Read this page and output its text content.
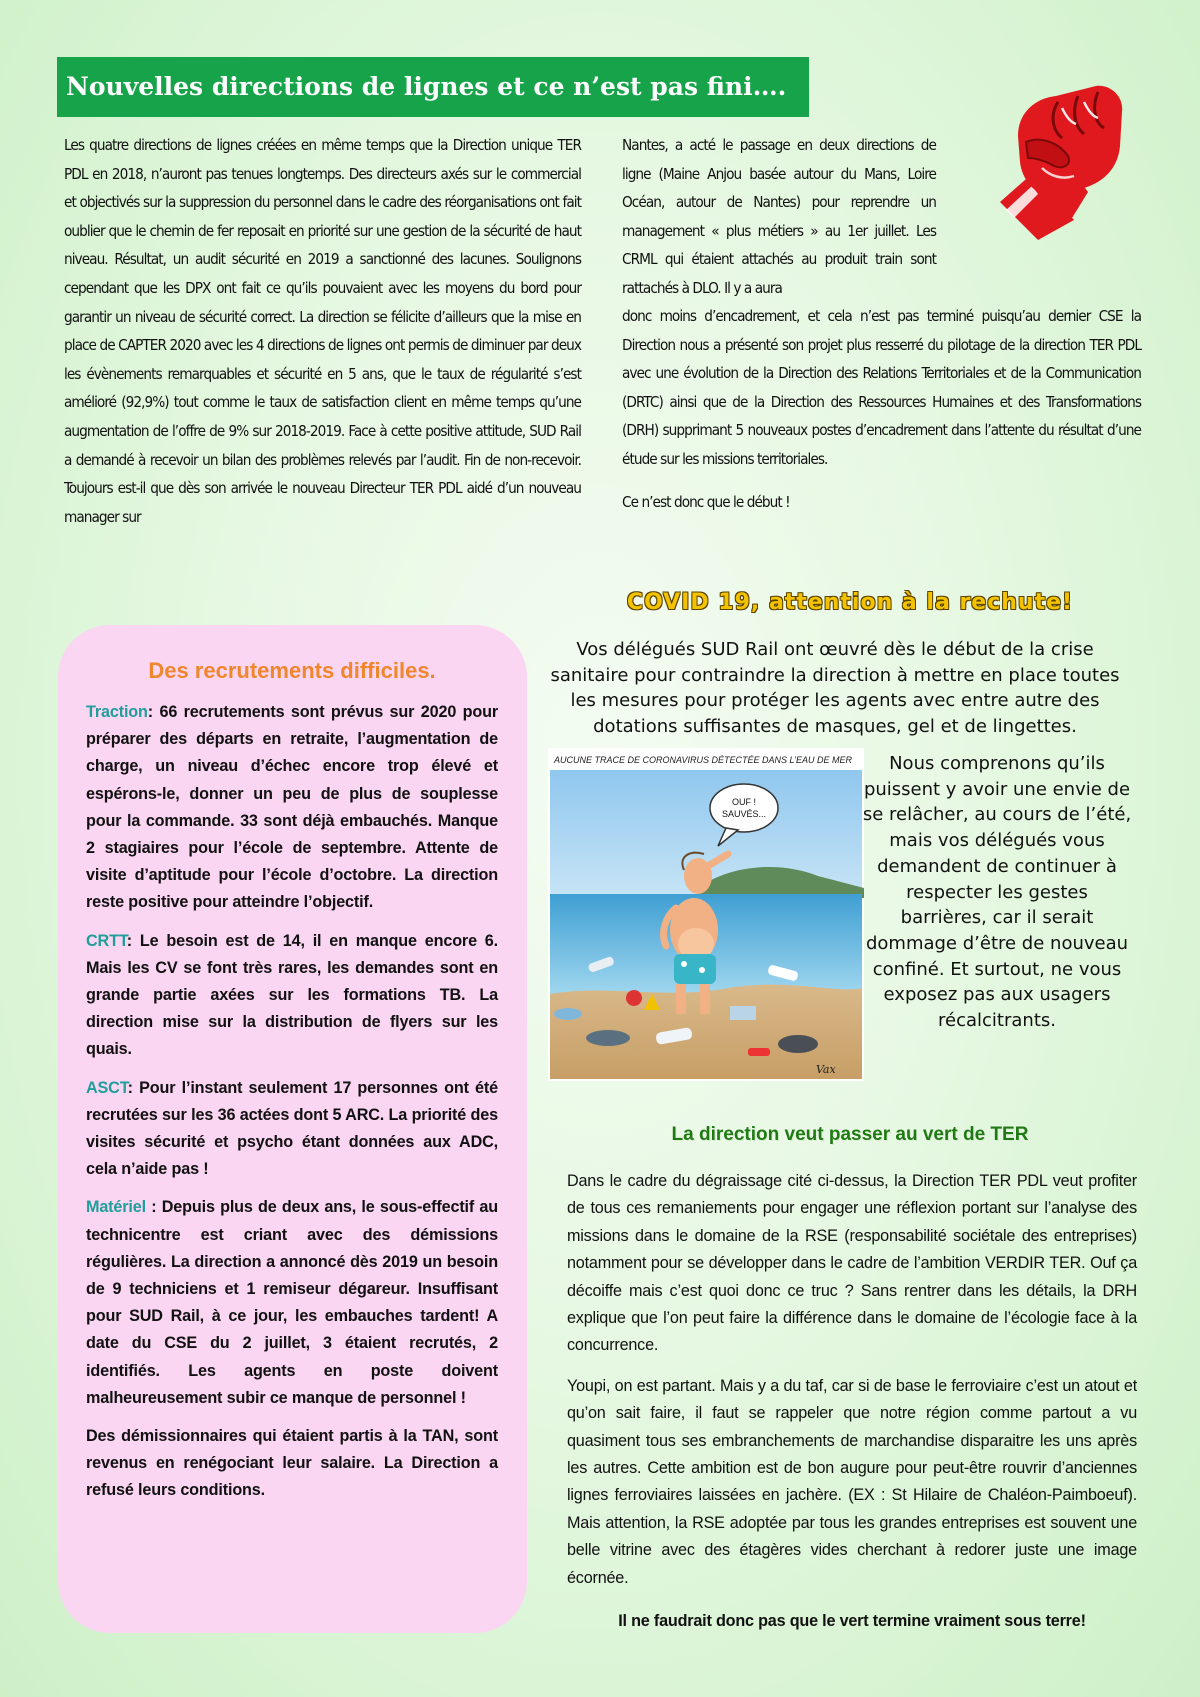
Nouvelles directions de lignes et ce n’est pas fini….

Les quatre directions de lignes créées en même temps que la Direction unique TER PDL en 2018, n’auront pas tenues longtemps. Des directeurs axés sur le commercial et objectivés sur la suppression du personnel dans le cadre des réorganisations ont fait oublier que le chemin de fer reposait en priorité sur une gestion de la sécurité de haut niveau. Résultat, un audit sécurité en 2019 a sanctionné des lacunes. Soulignons cependant que les DPX ont fait ce qu’ils pouvaient avec les moyens du bord pour garantir un niveau de sécurité correct. La direction se félicite d’ailleurs que la mise en place de CAPTER 2020 avec les 4 directions de lignes ont permis de diminuer par deux les évènements remarquables et sécurité en 5 ans, que le taux de régularité s’est amélioré (92,9%) tout comme le taux de satisfaction client en même temps qu’une augmentation de l’offre de 9% sur 2018-2019. Face à cette positive attitude, SUD Rail a demandé à recevoir un bilan des problèmes relevés par l’audit. Fin de non-recevoir. Toujours est-il que dès son arrivée le nouveau Directeur TER PDL aidé d’un nouveau manager sur

Nantes, a acté le passage en deux directions de ligne (Maine Anjou basée autour du Mans, Loire Océan, autour de Nantes) pour reprendre un management « plus métiers » au 1er juillet. Les CRML qui étaient attachés au produit train sont rattachés à DLO. Il y a aura

donc moins d’encadrement, et cela n’est pas terminé puisqu’au dernier CSE la Direction nous a présenté son projet plus resserré du pilotage de la direction TER PDL avec une évolution de la Direction des Relations Territoriales et de la Communication (DRTC) ainsi que de la Direction des Ressources Humaines et des Transformations (DRH) supprimant 5 nouveaux postes d’encadrement dans l’attente du résultat d’une étude sur les missions territoriales.

Ce n’est donc que le début !

Des recrutements difficiles.

Traction: 66 recrutements sont prévus sur 2020 pour préparer des départs en retraite, l’augmentation de charge, un niveau d’échec encore trop élevé et espérons-le, donner un peu de plus de souplesse pour la commande. 33 sont déjà embauchés. Manque 2 stagiaires pour l’école de septembre. Attente de visite d’aptitude pour l’école d’octobre. La direction reste positive pour atteindre l’objectif.

CRTT: Le besoin est de 14, il en manque encore 6. Mais les CV se font très rares, les demandes sont en grande partie axées sur les formations TB. La direction mise sur la distribution de flyers sur les quais.

ASCT: Pour l’instant seulement 17 personnes ont été recrutées sur les 36 actées dont 5 ARC. La priorité des visites sécurité et psycho étant données aux ADC, cela n’aide pas !

Matériel : Depuis plus de deux ans, le sous-effectif au technicentre est criant avec des démissions régulières. La direction a annoncé dès 2019 un besoin de 9 techniciens et 1 remiseur dégareur. Insuffisant pour SUD Rail, à ce jour, les embauches tardent! A date du CSE du 2 juillet, 3 étaient recrutés, 2 identifiés. Les agents en poste doivent malheureusement subir ce manque de personnel !

Des démissionnaires qui étaient partis à la TAN, sont revenus en renégociant leur salaire. La Direction a refusé leurs conditions.

COVID 19, attention à la rechute!
Vos délégués SUD Rail ont œuvré dès le début de la crise sanitaire pour contraindre la direction à mettre en place toutes les mesures pour protéger les agents avec entre autre des dotations suffisantes de masques, gel et de lingettes.
AUCUNE TRACE DE CORONAVIRUS DÉTECTÉE DANS L’EAU DE MER
OUF !
SAUVÉS...
Vax
Nous comprenons qu’ils puissent y avoir une envie de se relâcher, au cours de l’été, mais vos délégués vous demandent de continuer à respecter les gestes barrières, car il serait dommage d’être de nouveau confiné. Et surtout, ne vous exposez pas aux usagers récalcitrants.
La direction veut passer au vert de TER

Dans le cadre du dégraissage cité ci-dessus, la Direction TER PDL veut profiter de tous ces remaniements pour engager une réflexion portant sur l’analyse des missions dans le domaine de la RSE (responsabilité sociétale des entreprises) notamment pour se développer dans le cadre de l’ambition VERDIR TER. Ouf ça décoiffe mais c’est quoi donc ce truc ? Sans rentrer dans les détails, la DRH explique que l’on peut faire la différence dans le domaine de l’écologie face à la concurrence.

Youpi, on est partant. Mais y a du taf, car si de base le ferroviaire c’est un atout et qu’on sait faire, il faut se rappeler que notre région comme partout a vu quasiment tous ses embranchements de marchandise disparaitre les uns après les autres. Cette ambition est de bon augure pour peut-être rouvrir d’anciennes lignes ferroviaires laissées en jachère. (EX : St Hilaire de Chaléon-Paimboeuf). Mais attention, la RSE adoptée par tous les grandes entreprises est souvent une belle vitrine avec des étagères vides cherchant à redorer juste une image écornée.

Il ne faudrait donc pas que le vert termine vraiment sous terre!
